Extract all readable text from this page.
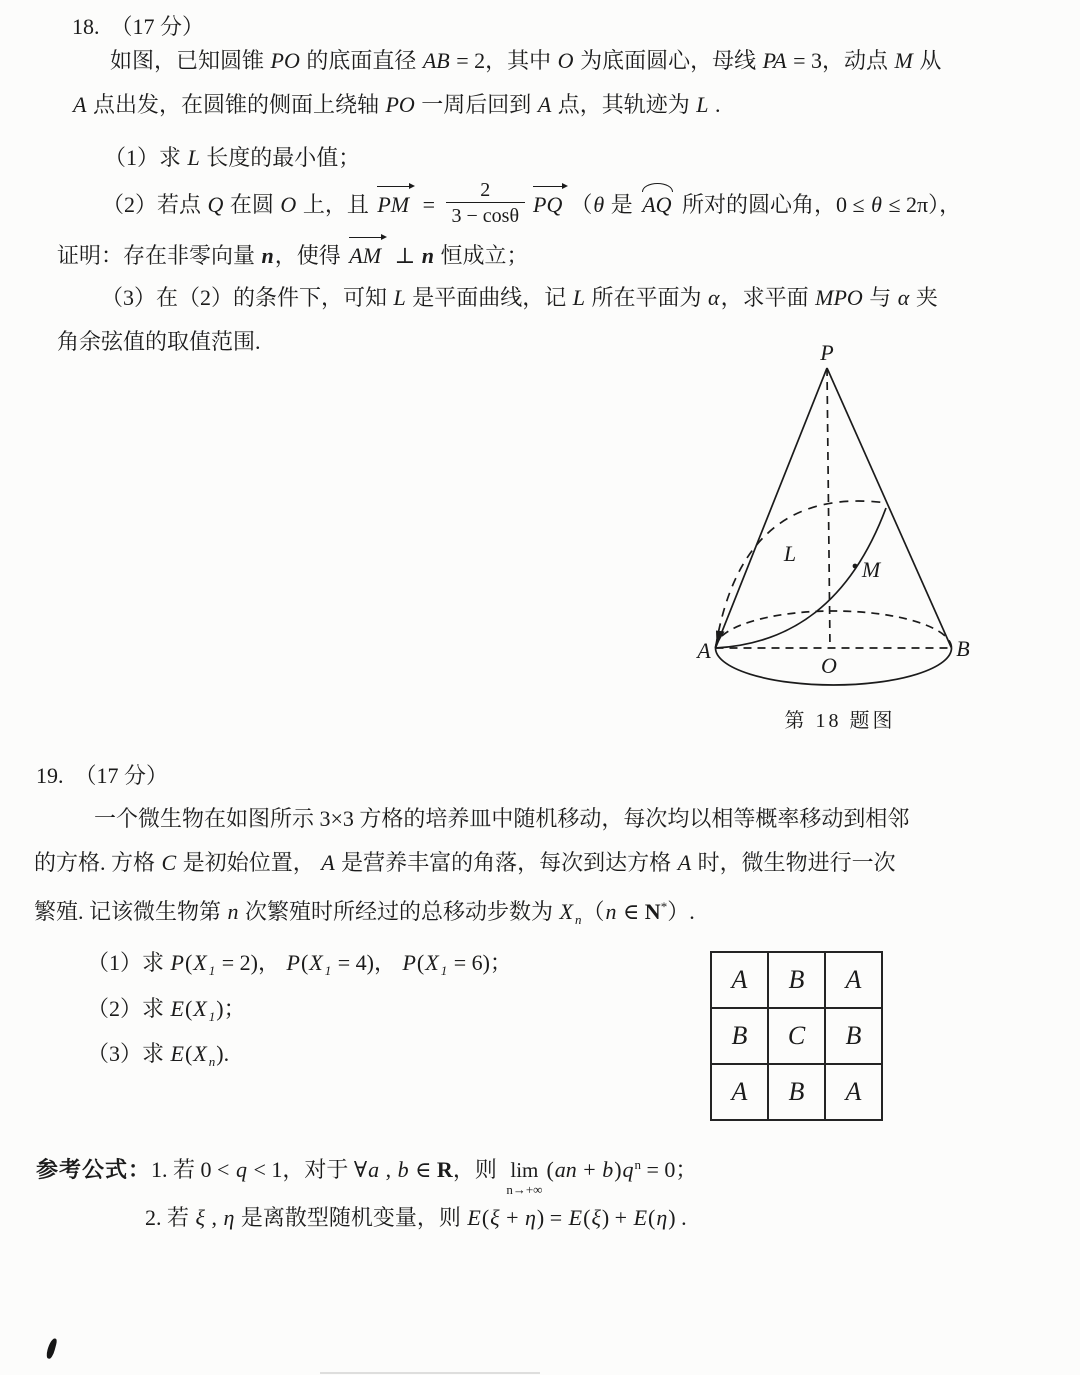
18.　（17 分）
如图，已知圆锥 PO 的底面直径 AB = 2，其中 O 为底面圆心，母线 PA = 3，动点 M 从
A 点出发，在圆锥的侧面上绕轴 PO 一周后回到 A 点，其轨迹为 L .
（1）求 L 长度的最小值；
（2）若点 Q 在圆 O 上，且 PM = $\frac{2}{3 - \cos\theta}$ PQ （θ 是 AQ 所对的圆心角，0 ≤ θ ≤ 2π），
证明：存在非零向量 n，使得 AM ⊥ n 恒成立；
（3）在（2）的条件下，可知 L 是平面曲线，记 L 所在平面为 α，求平面 MPO 与 α 夹
角余弦值的取值范围.	P
A	B
O
L
M
第 18 题图
19.　（17 分）
一个微生物在如图所示 3×3 方格的培养皿中随机移动，每次均以相等概率移动到相邻
的方格. 方格 C 是初始位置， A 是营养丰富的角落，每次到达方格 A 时，微生物进行一次
繁殖. 记该微生物第 n 次繁殖时所经过的总移动步数为 X $_n$（n ∈ N*）.
（1）求 P(X $_1$ = 2)， P(X $_1$ = 4)， P(X $_1$ = 6)；
（2）求 E(X $_1$)；
（3）求 E(X $_n$).
A	B	A
B	C	B
A	B	A
参考公式：1. 若 0 < q < 1，对于 ∀a , b ∈ R，则 lim
n→+∞
$(an + b)q^n = 0$；
2. 若 ξ , η 是离散型随机变量，则 E(ξ + η) = E(ξ) + E(η) .
